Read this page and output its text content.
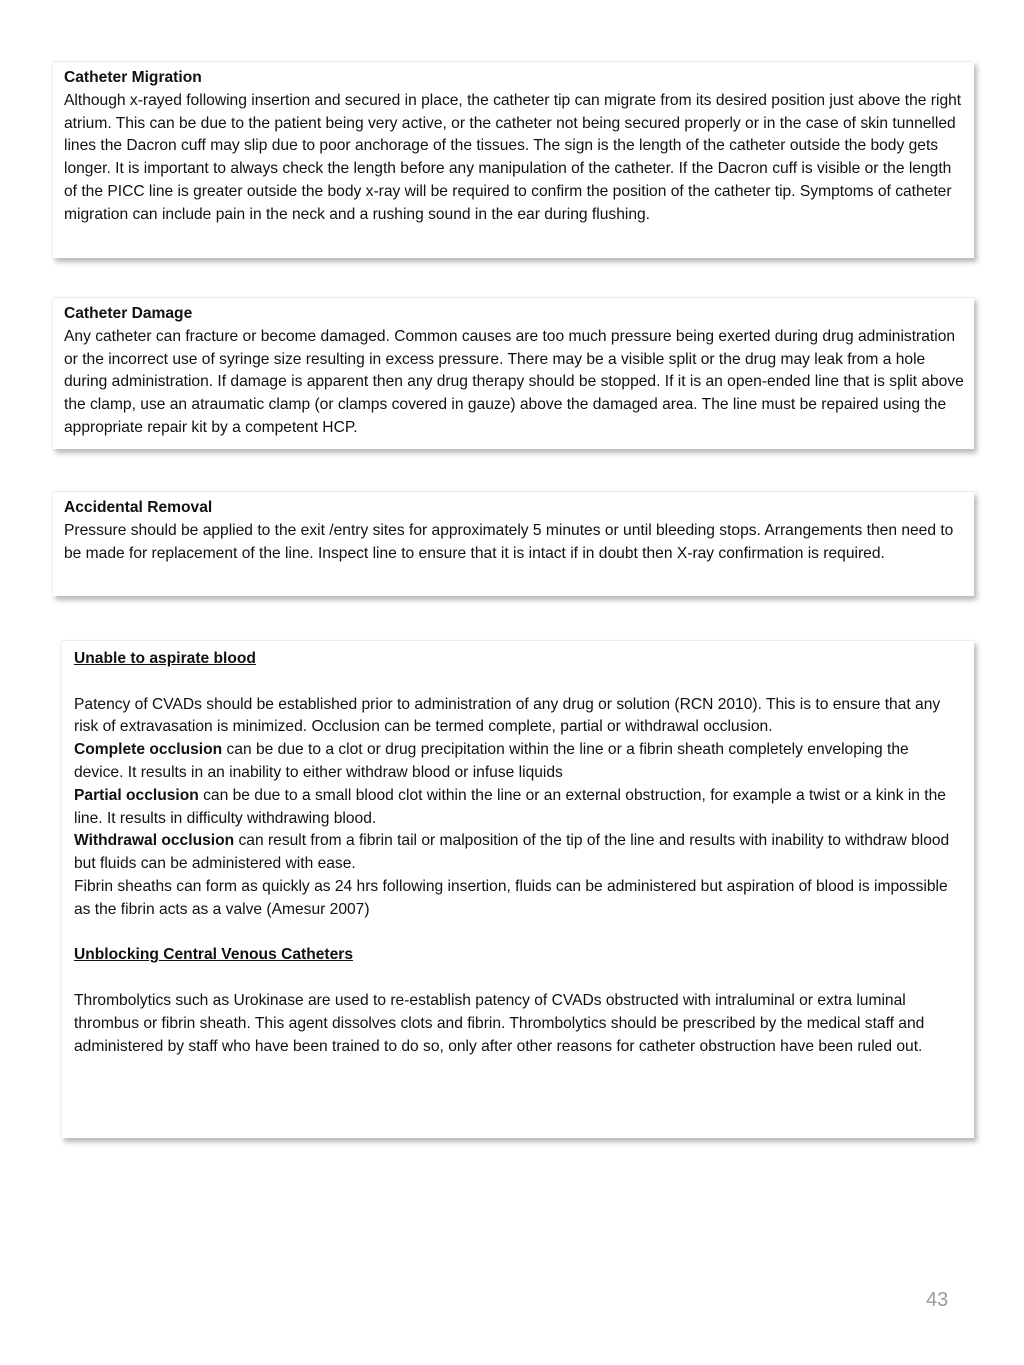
Catheter Migration

Although x-rayed following insertion and secured in place, the catheter tip can migrate from its desired position just above the right atrium. This can be due to the patient being very active, or the catheter not being secured properly or in the case of skin tunnelled lines the Dacron cuff may slip due to poor anchorage of the tissues. The sign is the length of the catheter outside the body gets longer. It is important to always check the length before any manipulation of the catheter. If the Dacron cuff is visible or the length of the PICC line is greater outside the body x-ray will be required to confirm the position of the catheter tip. Symptoms of catheter migration can include pain in the neck and a rushing sound in the ear during flushing.

Catheter Damage

Any catheter can fracture or become damaged. Common causes are too much pressure being exerted during drug administration or the incorrect use of syringe size resulting in excess pressure. There may be a visible split or the drug may leak from a hole during administration. If damage is apparent then any drug therapy should be stopped. If it is an open-ended line that is split above the clamp, use an atraumatic clamp (or clamps covered in gauze) above the damaged area. The line must be repaired using the appropriate repair kit by a competent HCP.

Accidental Removal

Pressure should be applied to the exit /entry sites for approximately 5 minutes or until bleeding stops. Arrangements then need to be made for replacement of the line. Inspect line to ensure that it is intact if in doubt then X-ray confirmation is required.

Unable to aspirate blood

Patency of CVADs should be established prior to administration of any drug or solution (RCN 2010). This is to ensure that any risk of extravasation is minimized. Occlusion can be termed complete, partial or withdrawal occlusion.

Complete occlusion can be due to a clot or drug precipitation within the line or a fibrin sheath completely enveloping the device. It results in an inability to either withdraw blood or infuse liquids

Partial occlusion can be due to a small blood clot within the line or an external obstruction, for example a twist or a kink in the line. It results in difficulty withdrawing blood.

Withdrawal occlusion can result from a fibrin tail or malposition of the tip of the line and results with inability to withdraw blood but fluids can be administered with ease.

Fibrin sheaths can form as quickly as 24 hrs following insertion, fluids can be administered but aspiration of blood is impossible as the fibrin acts as a valve (Amesur 2007)

Unblocking Central Venous Catheters

Thrombolytics such as Urokinase are used to re-establish patency of CVADs obstructed with intraluminal or extra luminal thrombus or fibrin sheath. This agent dissolves clots and fibrin. Thrombolytics should be prescribed by the medical staff and administered by staff who have been trained to do so, only after other reasons for catheter obstruction have been ruled out.

43
